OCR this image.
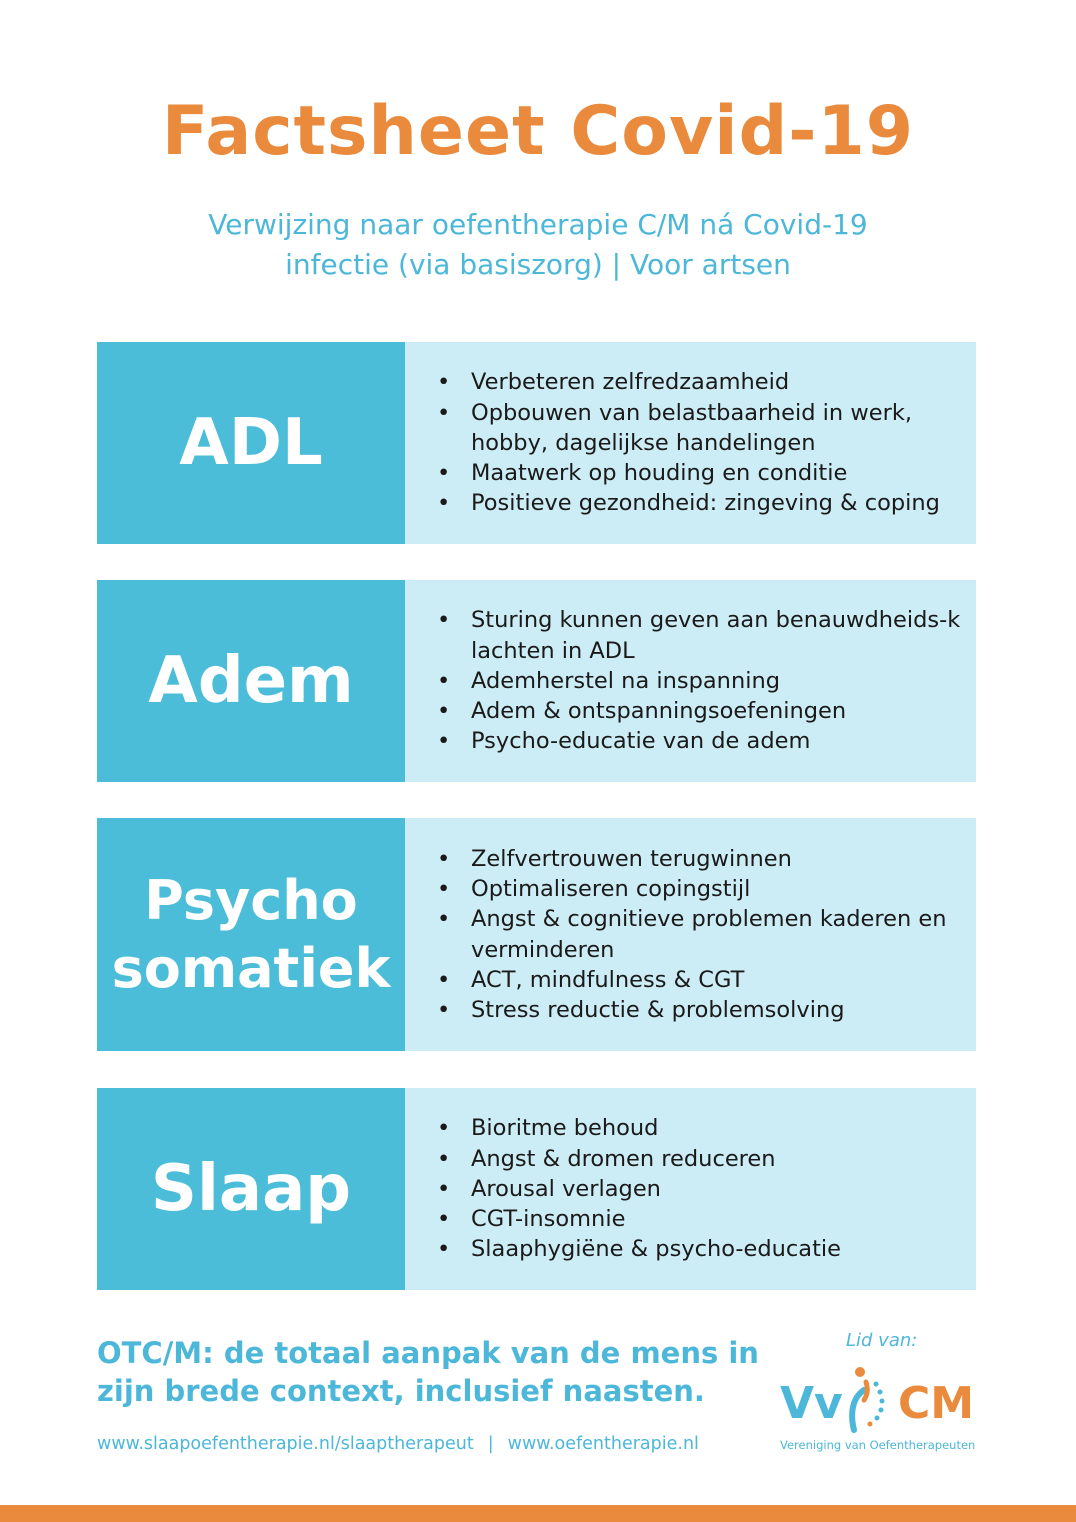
Factsheet Covid-19
Verwijzing naar oefentherapie C/M ná Covid-19
infectie (via basiszorg) | Voor artsen
ADL
• Verbeteren zelfredzaamheid
• Opbouwen van belastbaarheid in werk, hobby, dagelijkse handelingen
• Maatwerk op houding en conditie
• Positieve gezondheid: zingeving & coping
Adem
• Sturing kunnen geven aan benauwdheids-klachten in ADL
• Ademherstel na inspanning
• Adem & ontspanningsoefeningen
• Psycho-educatie van de adem
Psycho
somatiek
• Zelfvertrouwen terugwinnen
• Optimaliseren copingstijl
• Angst & cognitieve problemen kaderen en verminderen
• ACT, mindfulness & CGT
• Stress reductie & problemsolving
Slaap
• Bioritme behoud
• Angst & dromen reduceren
• Arousal verlagen
• CGT-insomnie
• Slaaphygiëne & psycho-educatie
OTC/M: de totaal aanpak van de mens in zijn brede context, inclusief naasten.
www.slaapoefentherapie.nl/slaaptherapeut | www.oefentherapie.nl
Lid van:
Vv CM
Vereniging van Oefentherapeuten
